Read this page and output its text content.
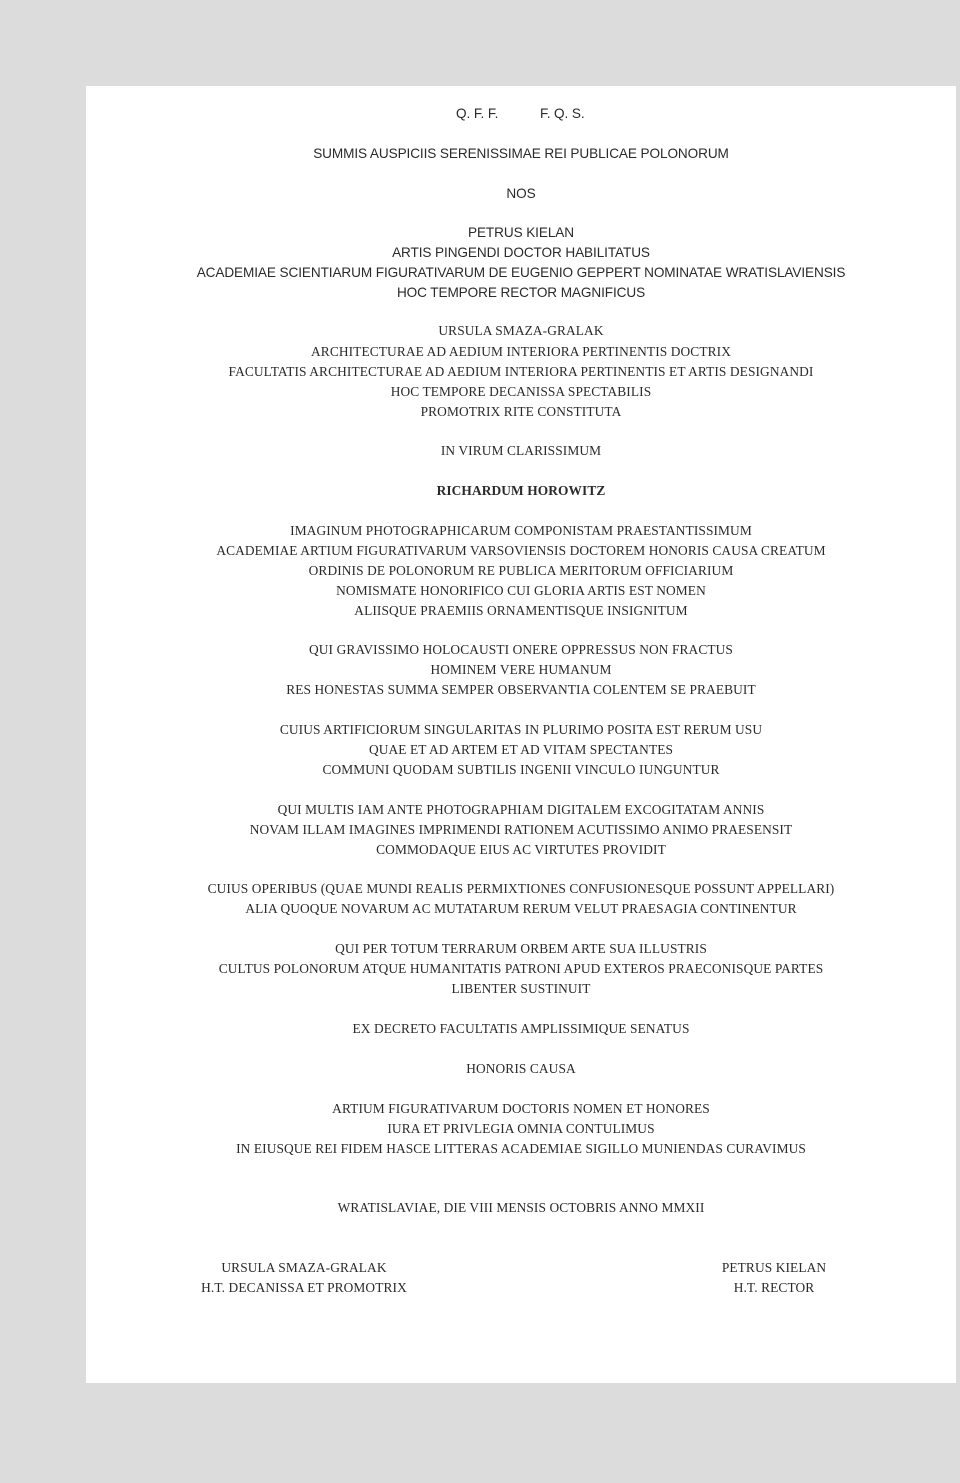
Q. F. F.	F. Q. S.
SUMMIS AUSPICIIS SERENISSIMAE REI PUBLICAE POLONORUM
NOS
PETRUS KIELAN
ARTIS PINGENDI DOCTOR HABILITATUS
ACADEMIAE SCIENTIARUM FIGURATIVARUM DE EUGENIO GEPPERT NOMINATAE WRATISLAVIENSIS
HOC TEMPORE RECTOR MAGNIFICUS
URSULA SMAZA-GRALAK
ARCHITECTURAE AD AEDIUM INTERIORA PERTINENTIS DOCTRIX
FACULTATIS ARCHITECTURAE AD AEDIUM INTERIORA PERTINENTIS ET ARTIS DESIGNANDI
HOC TEMPORE DECANISSA SPECTABILIS
PROMOTRIX RITE CONSTITUTA
IN VIRUM CLARISSIMUM
RICHARDUM HOROWITZ
IMAGINUM PHOTOGRAPHICARUM COMPONISTAM PRAESTANTISSIMUM
ACADEMIAE ARTIUM FIGURATIVARUM VARSOVIENSIS DOCTOREM HONORIS CAUSA CREATUM
ORDINIS DE POLONORUM RE PUBLICA MERITORUM OFFICIARIUM
NOMISMATE HONORIFICO CUI GLORIA ARTIS EST NOMEN
ALIISQUE PRAEMIIS ORNAMENTISQUE INSIGNITUM
QUI GRAVISSIMO HOLOCAUSTI ONERE OPPRESSUS NON FRACTUS
HOMINEM VERE HUMANUM
RES HONESTAS SUMMA SEMPER OBSERVANTIA COLENTEM SE PRAEBUIT
CUIUS ARTIFICIORUM SINGULARITAS IN PLURIMO POSITA EST RERUM USU
QUAE ET AD ARTEM ET AD VITAM SPECTANTES
COMMUNI QUODAM SUBTILIS INGENII VINCULO IUNGUNTUR
QUI MULTIS IAM ANTE PHOTOGRAPHIAM DIGITALEM EXCOGITATAM ANNIS
NOVAM ILLAM IMAGINES IMPRIMENDI RATIONEM ACUTISSIMO ANIMO PRAESENSIT
COMMODAQUE EIUS AC VIRTUTES PROVIDIT
CUIUS OPERIBUS (QUAE MUNDI REALIS PERMIXTIONES CONFUSIONESQUE POSSUNT APPELLARI)
ALIA QUOQUE NOVARUM AC MUTATARUM RERUM VELUT PRAESAGIA CONTINENTUR
QUI PER TOTUM TERRARUM ORBEM ARTE SUA ILLUSTRIS
CULTUS POLONORUM ATQUE HUMANITATIS PATRONI APUD EXTEROS PRAECONISQUE PARTES
LIBENTER SUSTINUIT
EX DECRETO FACULTATIS AMPLISSIMIQUE SENATUS
HONORIS CAUSA
ARTIUM FIGURATIVARUM DOCTORIS NOMEN ET HONORES
IURA ET PRIVLEGIA OMNIA CONTULIMUS
IN EIUSQUE REI FIDEM HASCE LITTERAS ACADEMIAE SIGILLO MUNIENDAS CURAVIMUS
WRATISLAVIAE, DIE VIII MENSIS OCTOBRIS ANNO MMXII
URSULA SMAZA-GRALAK	PETRUS KIELAN
H.T. DECANISSA ET PROMOTRIX	H.T. RECTOR
